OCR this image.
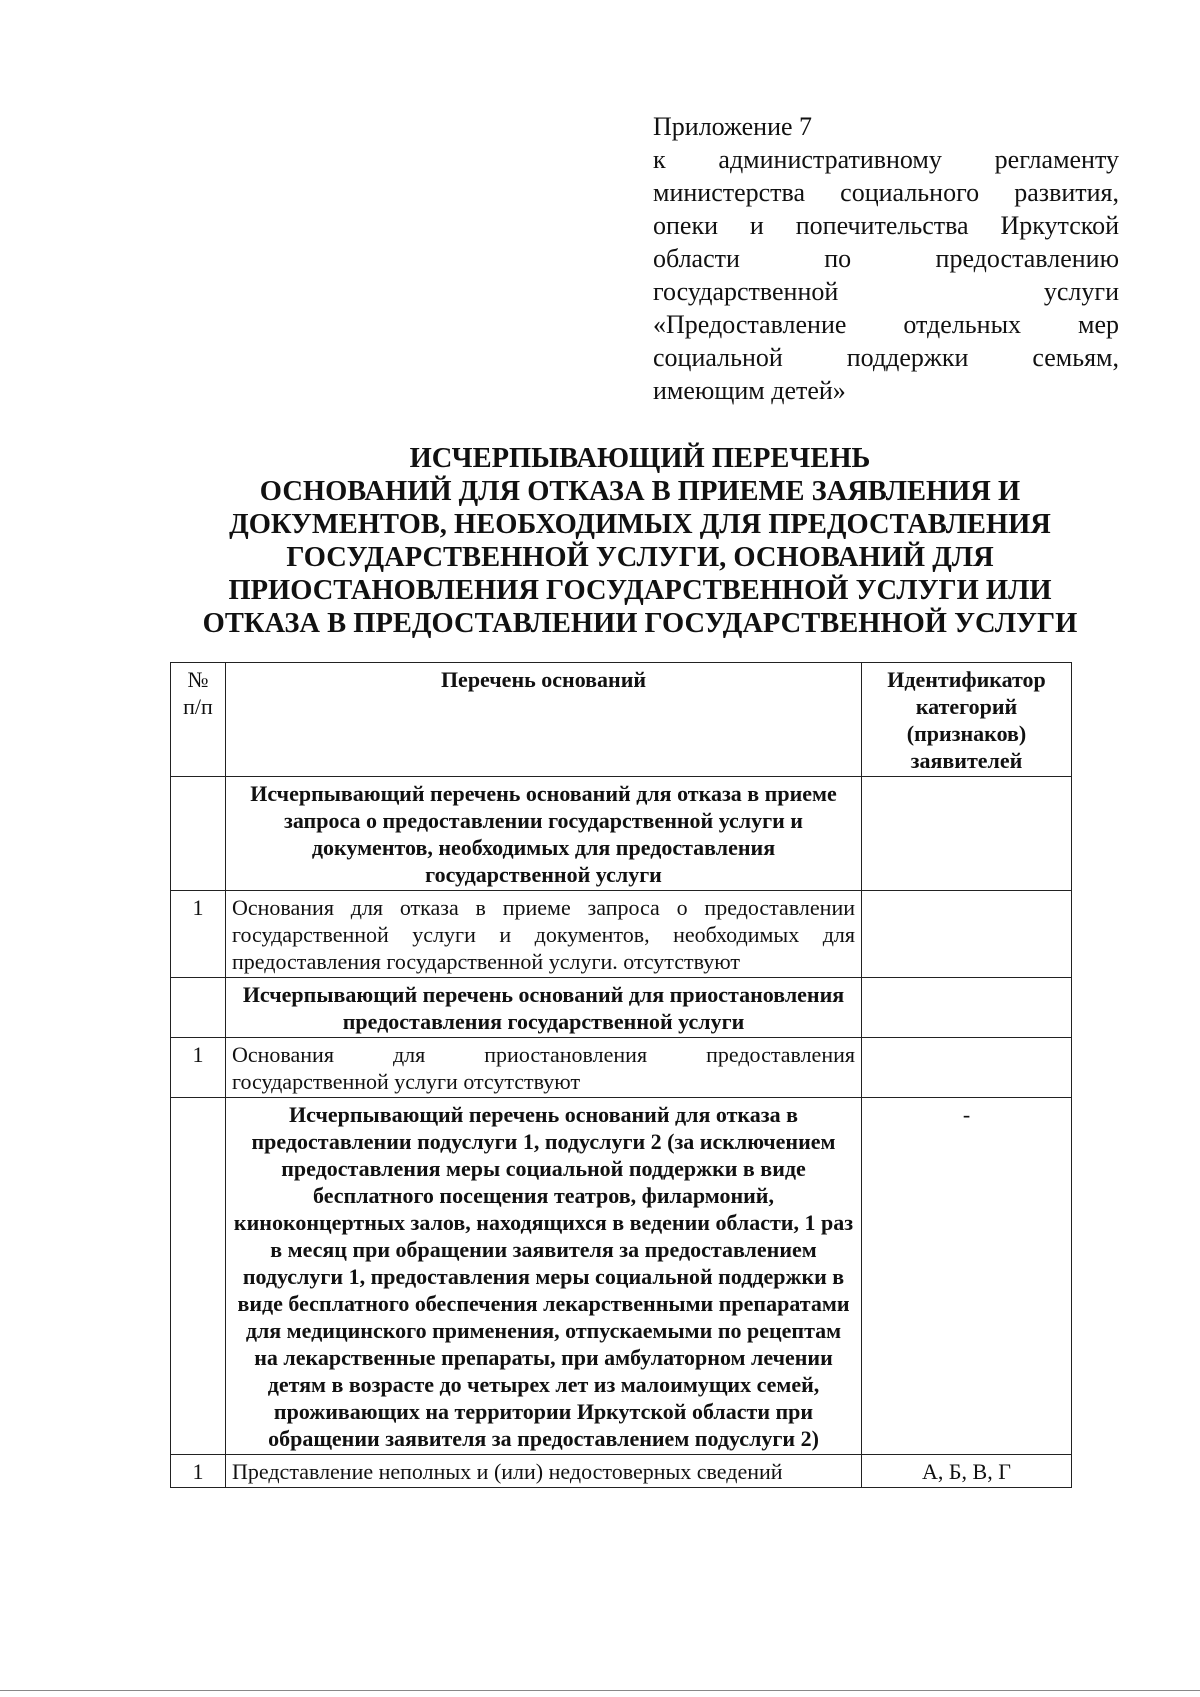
Приложение 7
к административному регламенту министерства социального развития, опеки и попечительства Иркутской области по предоставлению государственной услуги «Предоставление отдельных мер социальной поддержки семьям, имеющим детей»
ИСЧЕРПЫВАЮЩИЙ ПЕРЕЧЕНЬ
ОСНОВАНИЙ ДЛЯ ОТКАЗА В ПРИЕМЕ ЗАЯВЛЕНИЯ И
ДОКУМЕНТОВ, НЕОБХОДИМЫХ ДЛЯ ПРЕДОСТАВЛЕНИЯ
ГОСУДАРСТВЕННОЙ УСЛУГИ, ОСНОВАНИЙ ДЛЯ
ПРИОСТАНОВЛЕНИЯ ГОСУДАРСТВЕННОЙ УСЛУГИ ИЛИ
ОТКАЗА В ПРЕДОСТАВЛЕНИИ ГОСУДАРСТВЕННОЙ УСЛУГИ
№ п/п	Перечень оснований	Идентификатор категорий (признаков) заявителей
	Исчерпывающий перечень оснований для отказа в приеме запроса о предоставлении государственной услуги и документов, необходимых для предоставления государственной услуги	
1	Основания для отказа в приеме запроса о предоставлении государственной услуги и документов, необходимых для предоставления государственной услуги. отсутствуют	
	Исчерпывающий перечень оснований для приостановления предоставления государственной услуги	
1	Основания для приостановления предоставления государственной услуги отсутствуют	
	Исчерпывающий перечень оснований для отказа в предоставлении подуслуги 1, подуслуги 2 (за исключением предоставления меры социальной поддержки в виде бесплатного посещения театров, филармоний, киноконцертных залов, находящихся в ведении области, 1 раз в месяц при обращении заявителя за предоставлением подуслуги 1, предоставления меры социальной поддержки в виде бесплатного обеспечения лекарственными препаратами для медицинского применения, отпускаемыми по рецептам на лекарственные препараты, при амбулаторном лечении детям в возрасте до четырех лет из малоимущих семей, проживающих на территории Иркутской области при обращении заявителя за предоставлением подуслуги 2)	-
1	Представление неполных и (или) недостоверных сведений	А, Б, В, Г
